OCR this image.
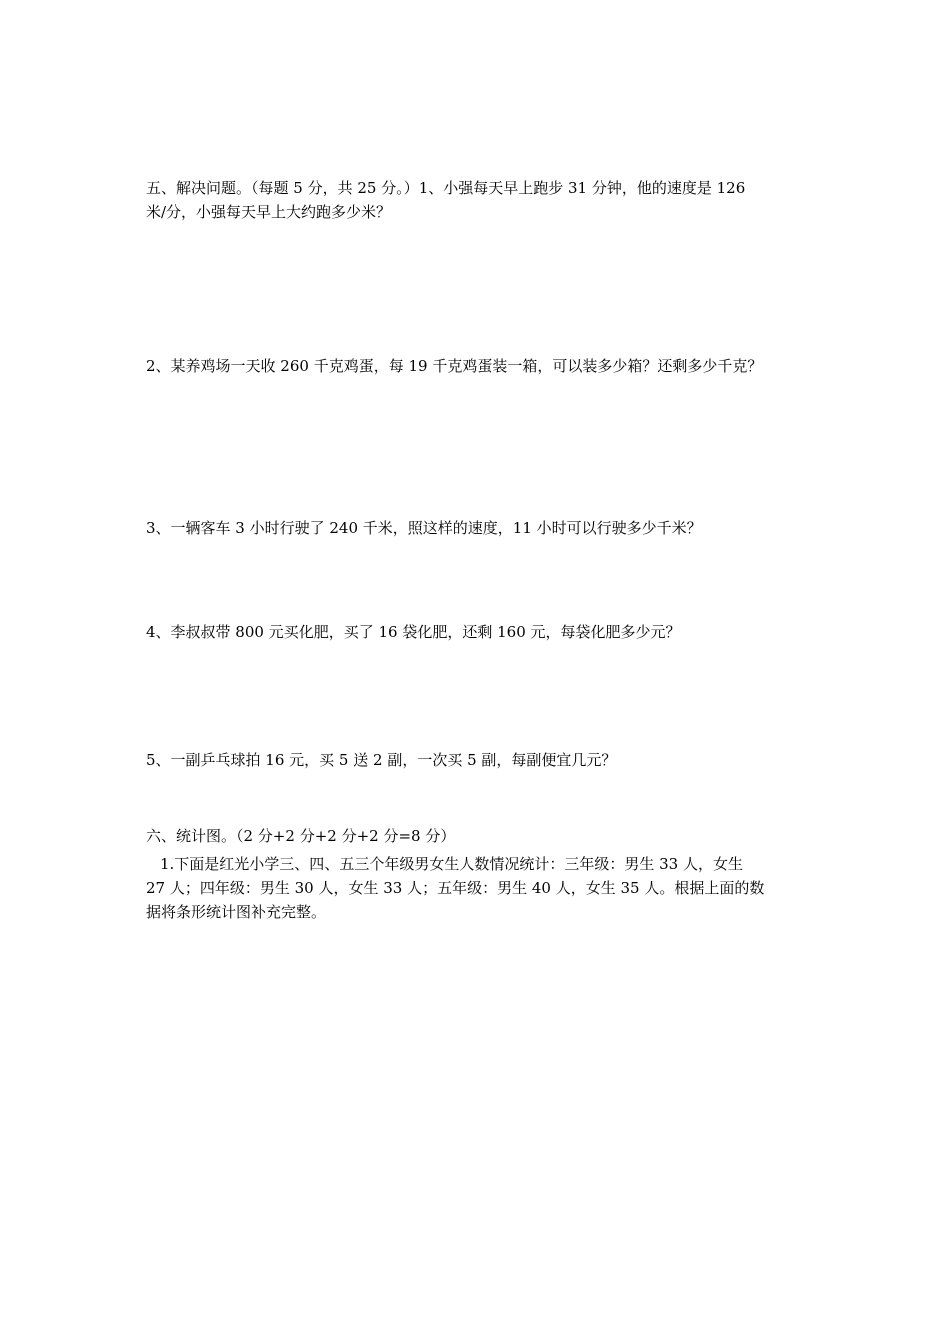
五、解决问题。（每题 5 分，共 25 分。）1、小强每天早上跑步 31 分钟，他的速度是 126
米/分，小强每天早上大约跑多少米？
2、某养鸡场一天收 260 千克鸡蛋，每 19 千克鸡蛋装一箱，可以装多少箱？还剩多少千克？
3、一辆客车 3 小时行驶了 240 千米，照这样的速度，11 小时可以行驶多少千米？
4、李叔叔带 800 元买化肥，买了 16 袋化肥，还剩 160 元，每袋化肥多少元？
5、一副乒乓球拍 16 元，买 5 送 2 副，一次买 5 副，每副便宜几元？
六、统计图。（2 分+2 分+2 分+2 分=8 分）
1.下面是红光小学三、四、五三个年级男女生人数情况统计：三年级：男生 33 人，女生
27 人；四年级：男生 30 人，女生 33 人；五年级：男生 40 人，女生 35 人。根据上面的数
据将条形统计图补充完整。
